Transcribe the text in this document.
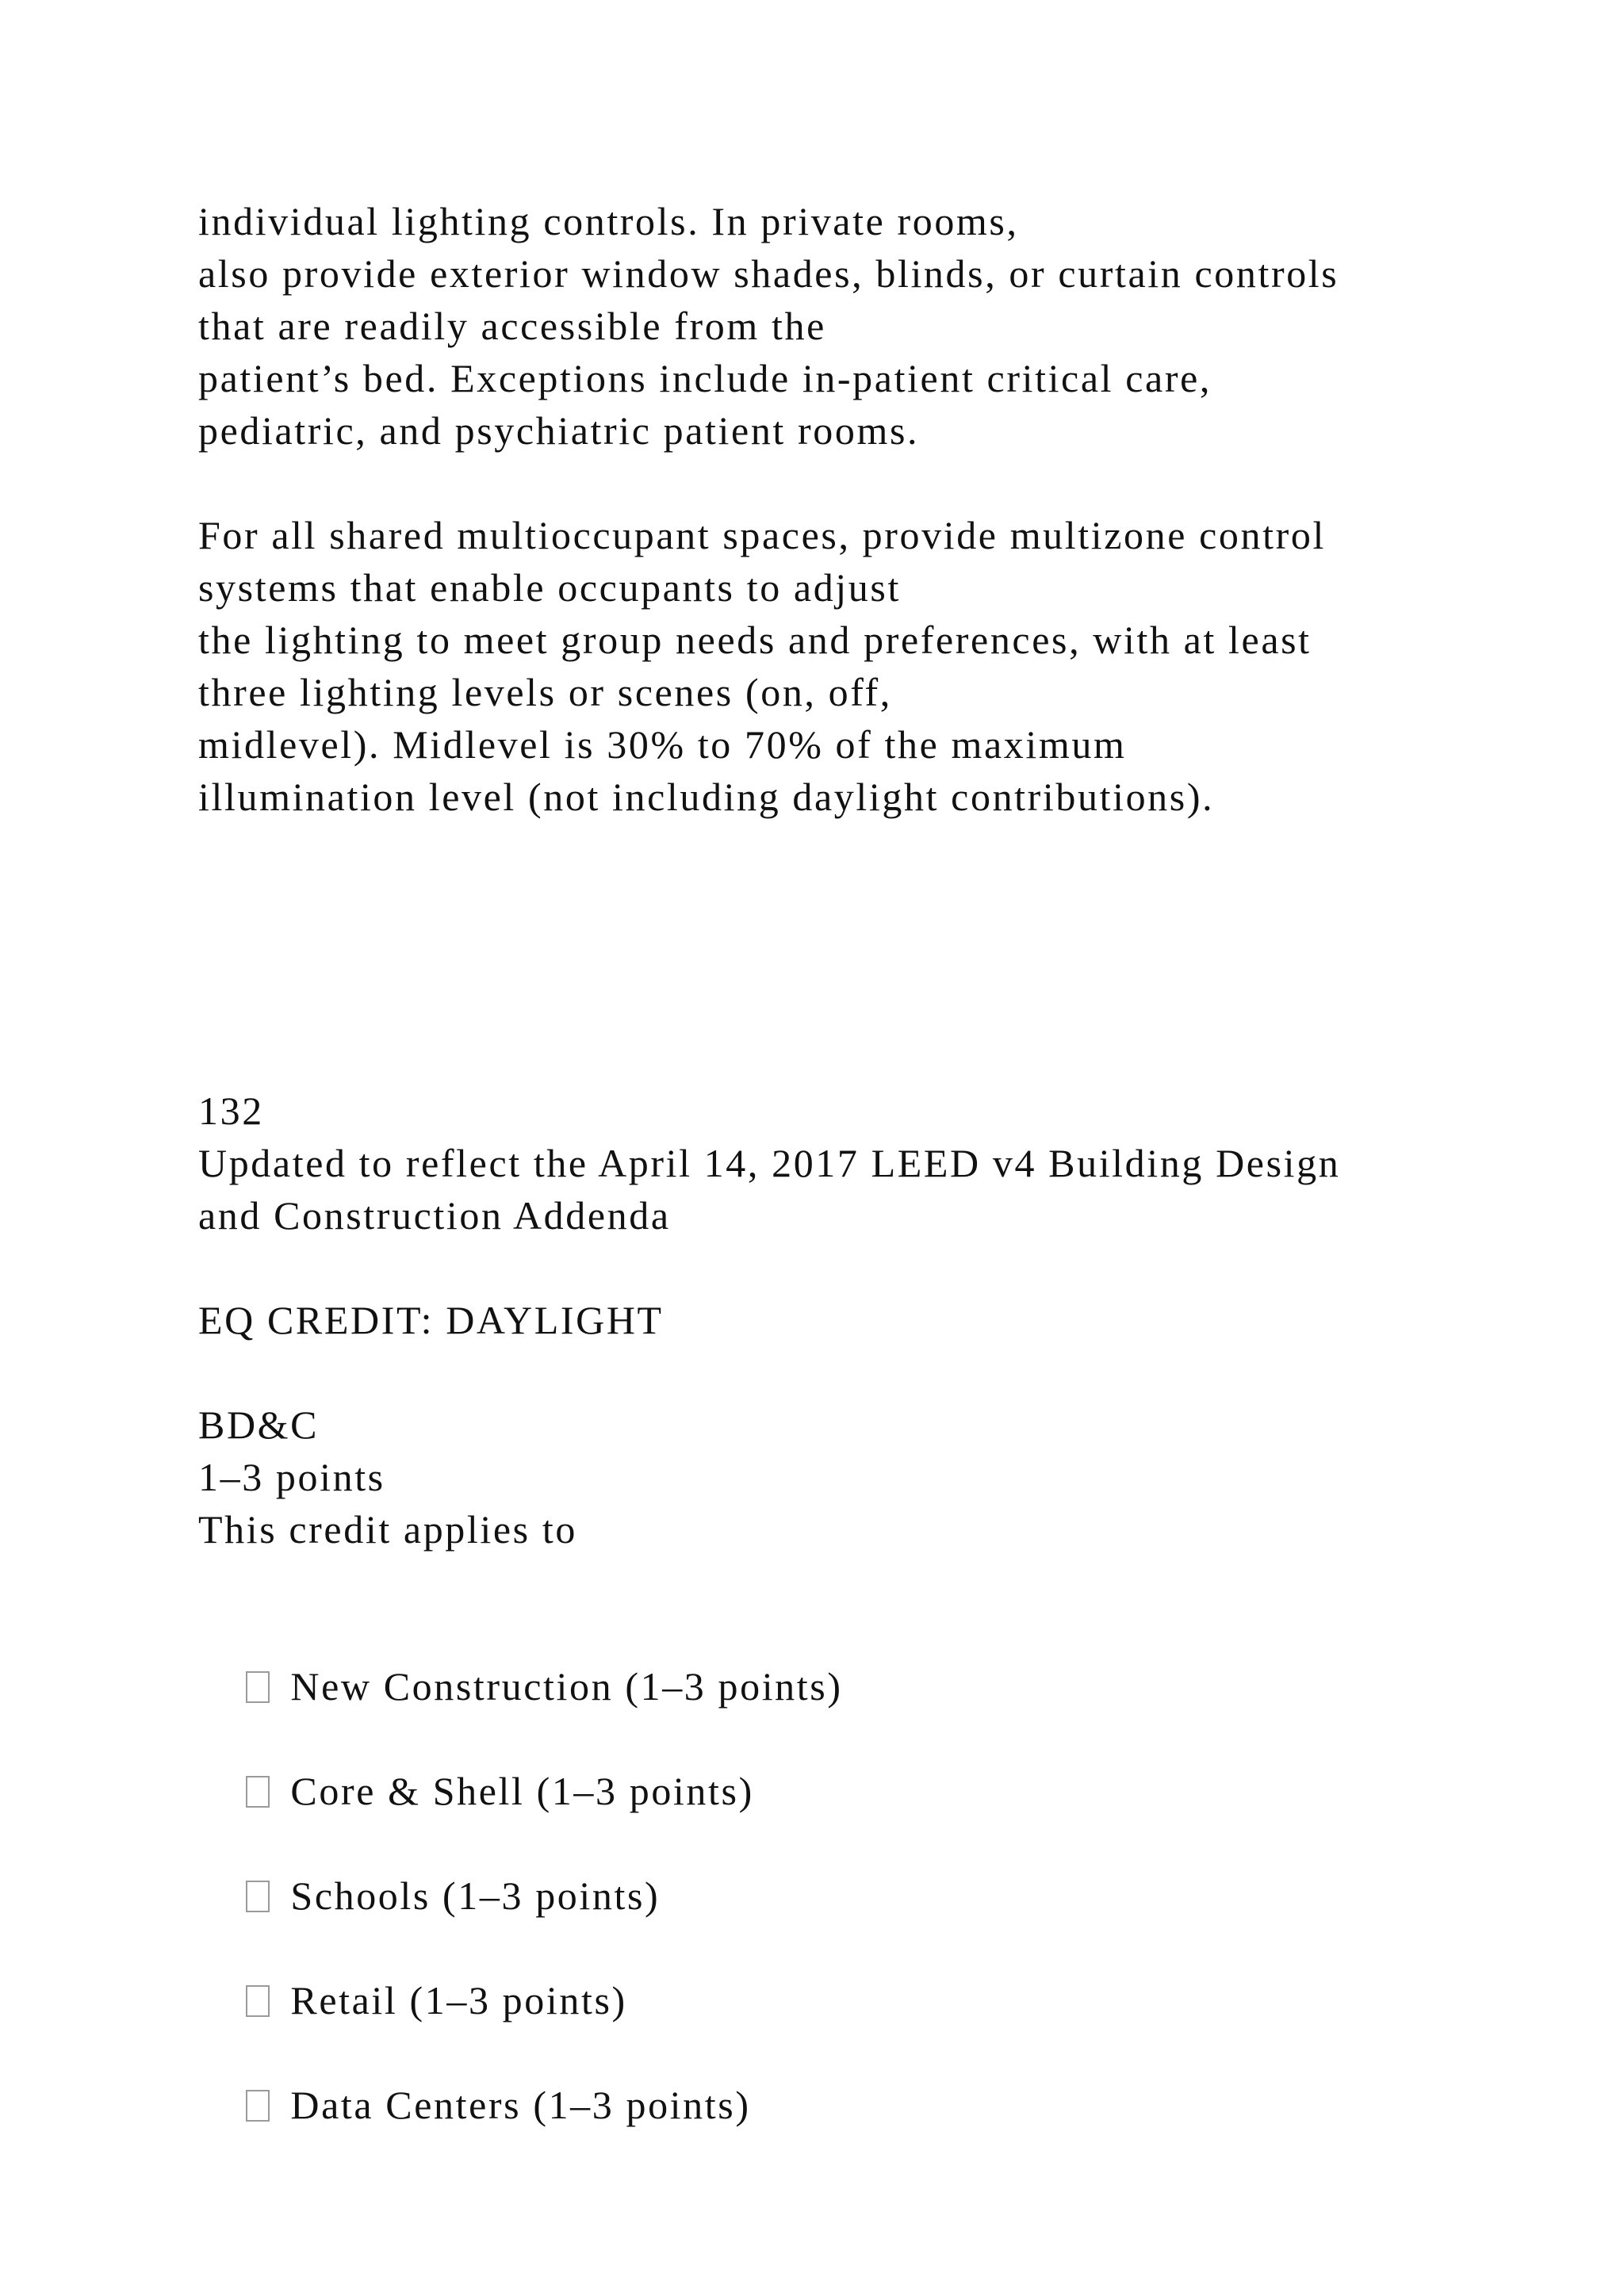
individual lighting controls. In private rooms,
also provide exterior window shades, blinds, or curtain controls
that are readily accessible from the
patient’s bed. Exceptions include in-patient critical care,
pediatric, and psychiatric patient rooms.
For all shared multioccupant spaces, provide multizone control
systems that enable occupants to adjust
the lighting to meet group needs and preferences, with at least
three lighting levels or scenes (on, off,
midlevel). Midlevel is 30% to 70% of the maximum
illumination level (not including daylight contributions).
132
Updated to reflect the April 14, 2017 LEED v4 Building Design
and Construction Addenda
EQ CREDIT: DAYLIGHT
BD&C
1–3 points
This credit applies to

New Construction (1–3 points)

Core & Shell (1–3 points)

Schools (1–3 points)

Retail (1–3 points)

Data Centers (1–3 points)
